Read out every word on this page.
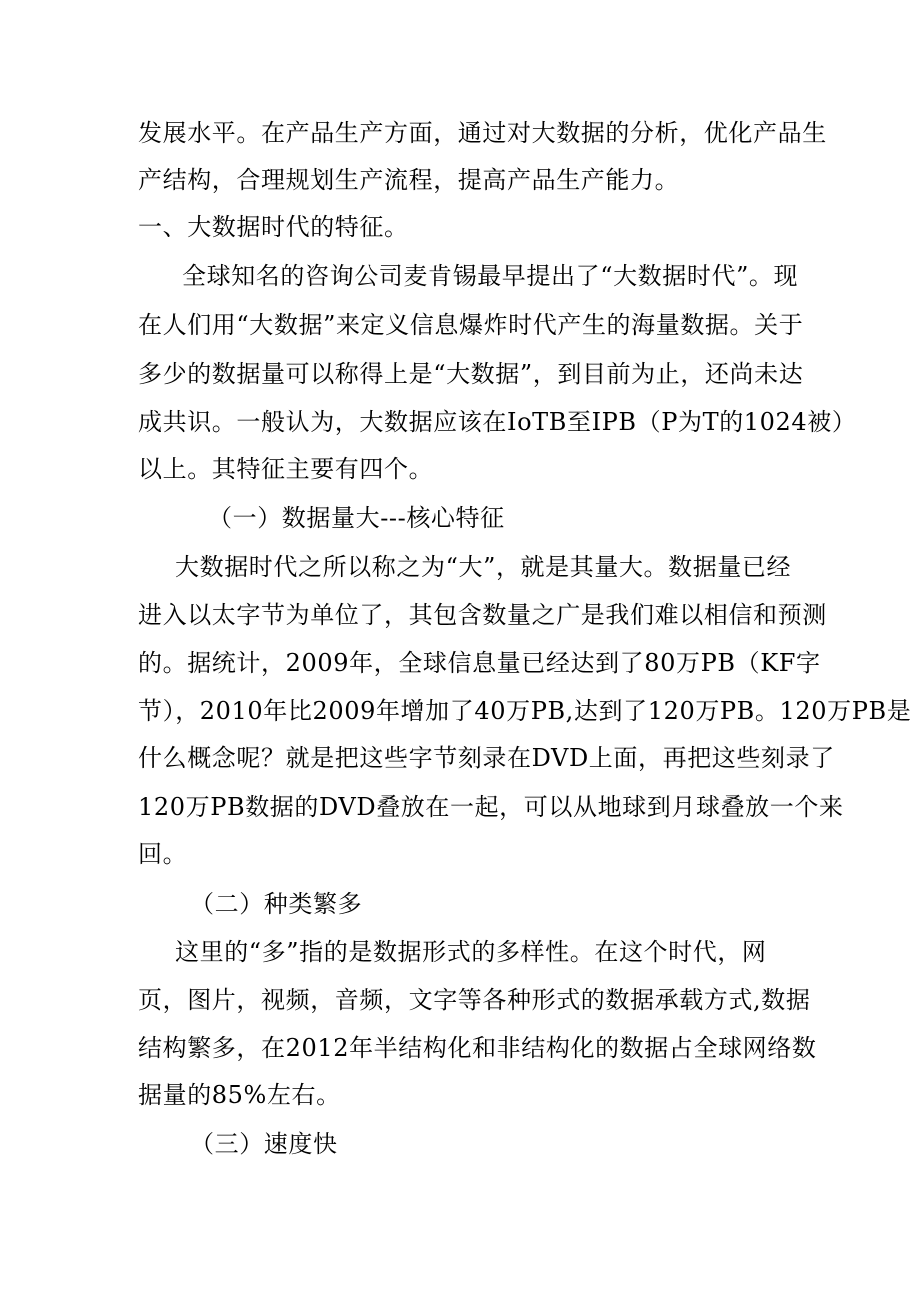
发展水平。在产品生产方面，通过对大数据的分析，优化产品生
产结构，合理规划生产流程，提高产品生产能力。
一、大数据时代的特征。
全球知名的咨询公司麦肯锡最早提出了“大数据时代”。现
在人们用“大数据”来定义信息爆炸时代产生的海量数据。关于
多少的数据量可以称得上是“大数据”，到目前为止，还尚未达
成共识。一般认为，大数据应该在IoTB至IPB（P为T的1024被）
以上。其特征主要有四个。
（一）数据量大---核心特征
大数据时代之所以称之为“大”，就是其量大。数据量已经
进入以太字节为单位了，其包含数量之广是我们难以相信和预测
的。据统计，2009年，全球信息量已经达到了80万PB（KF字
节），2010年比2009年增加了40万PB,达到了120万PB。120万PB是
什么概念呢？就是把这些字节刻录在DVD上面，再把这些刻录了
120万PB数据的DVD叠放在一起，可以从地球到月球叠放一个来
回。
（二）种类繁多
这里的“多”指的是数据形式的多样性。在这个时代，网
页，图片，视频，音频，文字等各种形式的数据承载方式,数据
结构繁多，在2012年半结构化和非结构化的数据占全球网络数
据量的85%左右。
（三）速度快
